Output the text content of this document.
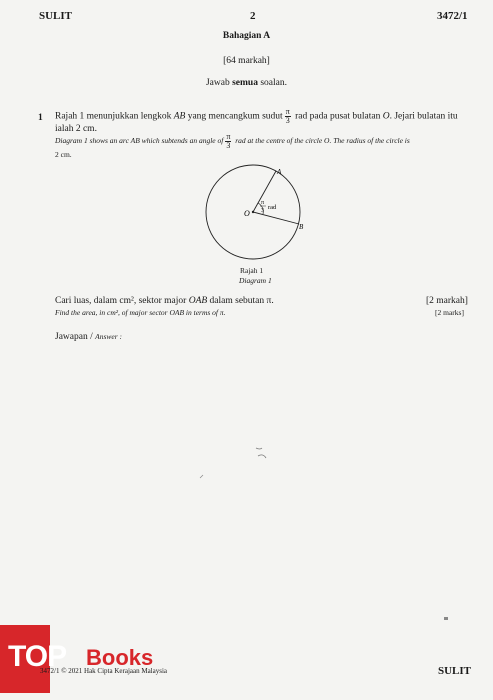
SULIT	2	3472/1
Bahagian A
[64 markah]
Jawab semua soalan.
1 Rajah 1 menunjukkan lengkok AB yang mencangkum sudut $\frac{\pi}{3}$ rad pada pusat bulatan O. Jejari bulatan itu
ialah 2 cm.
Diagram 1 shows an arc AB which subtends an angle of $\frac{\pi}{3}$ rad at the centre of the circle O. The radius of the circle is
2 cm.
O
A
B
π
3 rad
Rajah 1
Diagram 1
Cari luas, dalam cm², sektor major OAB dalam sebutan π.	[2 markah]
Find the area, in cm², of major sector OAB in terms of π.	[2 marks]
Jawapan / Answer :
TOP Books
3472/1 © 2021 Hak Cipta Kerajaan Malaysia	SULIT
